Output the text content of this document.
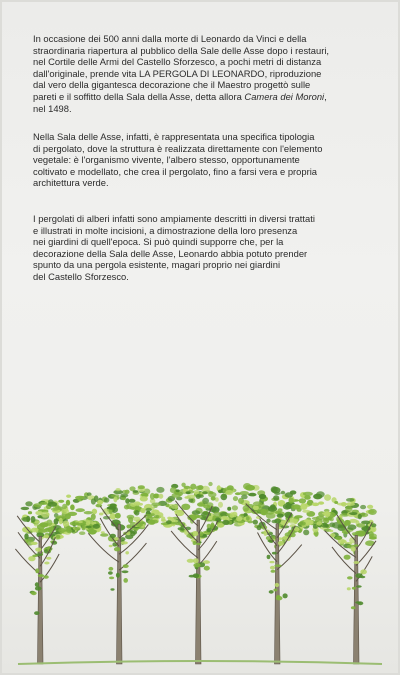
In occasione dei 500 anni dalla morte di Leonardo da Vinci e della
straordinaria riapertura al pubblico della Sale delle Asse dopo i restauri,
nel Cortile delle Armi del Castello Sforzesco, a pochi metri di distanza
dall'originale, prende vita LA PERGOLA DI LEONARDO, riproduzione
dal vero della gigantesca decorazione che il Maestro progettò sulle
pareti e il soffitto della Sala della Asse, detta allora Camera dei Moroni,
nel 1498.
Nella Sala delle Asse, infatti, è rappresentata una specifica tipologia
di pergolato, dove la struttura è realizzata direttamente con l'elemento
vegetale: è l'organismo vivente, l'albero stesso, opportunamente
coltivato e modellato, che crea il pergolato, fino a farsi vera e propria
architettura verde.
I pergolati di alberi infatti sono ampiamente descritti in diversi trattati
e illustrati in molte incisioni, a dimostrazione della loro presenza
nei giardini di quell'epoca. Si può quindi supporre che, per la
decorazione della Sala delle Asse, Leonardo abbia potuto prender
spunto da una pergola esistente, magari proprio nei giardini
del Castello Sforzesco.
